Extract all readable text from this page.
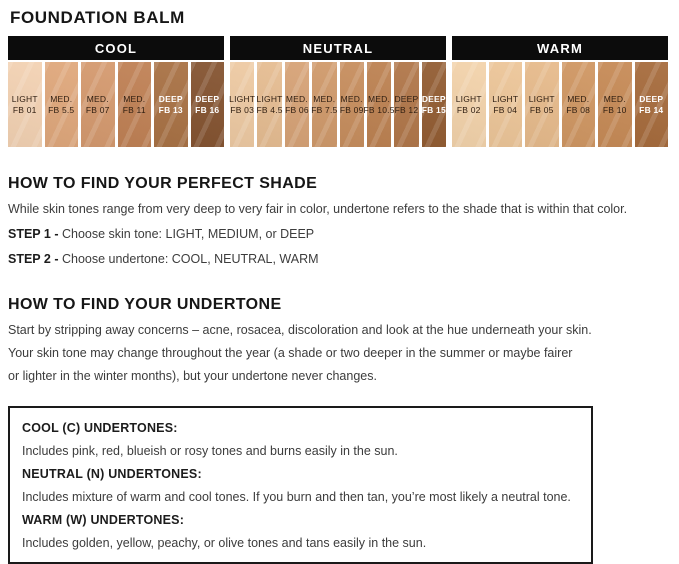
FOUNDATION BALM
COOL
LIGHT
FB 01
MED.
FB 5.5
MED.
FB 07
MED.
FB 11
DEEP
FB 13
DEEP
FB 16
NEUTRAL
LIGHT
FB 03
LIGHT
FB 4.5
MED.
FB 06
MED.
FB 7.5
MED.
FB 09
MED.
FB 10.5
DEEP
FB 12
DEEP
FB 15
WARM
LIGHT
FB 02
LIGHT
FB 04
LIGHT
FB 05
MED.
FB 08
MED.
FB 10
DEEP
FB 14
HOW TO FIND YOUR PERFECT SHADE

While skin tones range from very deep to very fair in color, undertone refers to the shade that is within that color.

STEP 1 - Choose skin tone: LIGHT, MEDIUM, or DEEP

STEP 2 - Choose undertone: COOL, NEUTRAL, WARM

HOW TO FIND YOUR UNDERTONE

Start by stripping away concerns – acne, rosacea, discoloration and look at the hue underneath your skin.

Your skin tone may change throughout the year (a shade or two deeper in the summer or maybe fairer

or lighter in the winter months), but your undertone never changes.

COOL (C) UNDERTONES:

Includes pink, red, blueish or rosy tones and burns easily in the sun.

NEUTRAL (N) UNDERTONES:

Includes mixture of warm and cool tones. If you burn and then tan, you’re most likely a neutral tone.

WARM (W) UNDERTONES:

Includes golden, yellow, peachy, or olive tones and tans easily in the sun.
